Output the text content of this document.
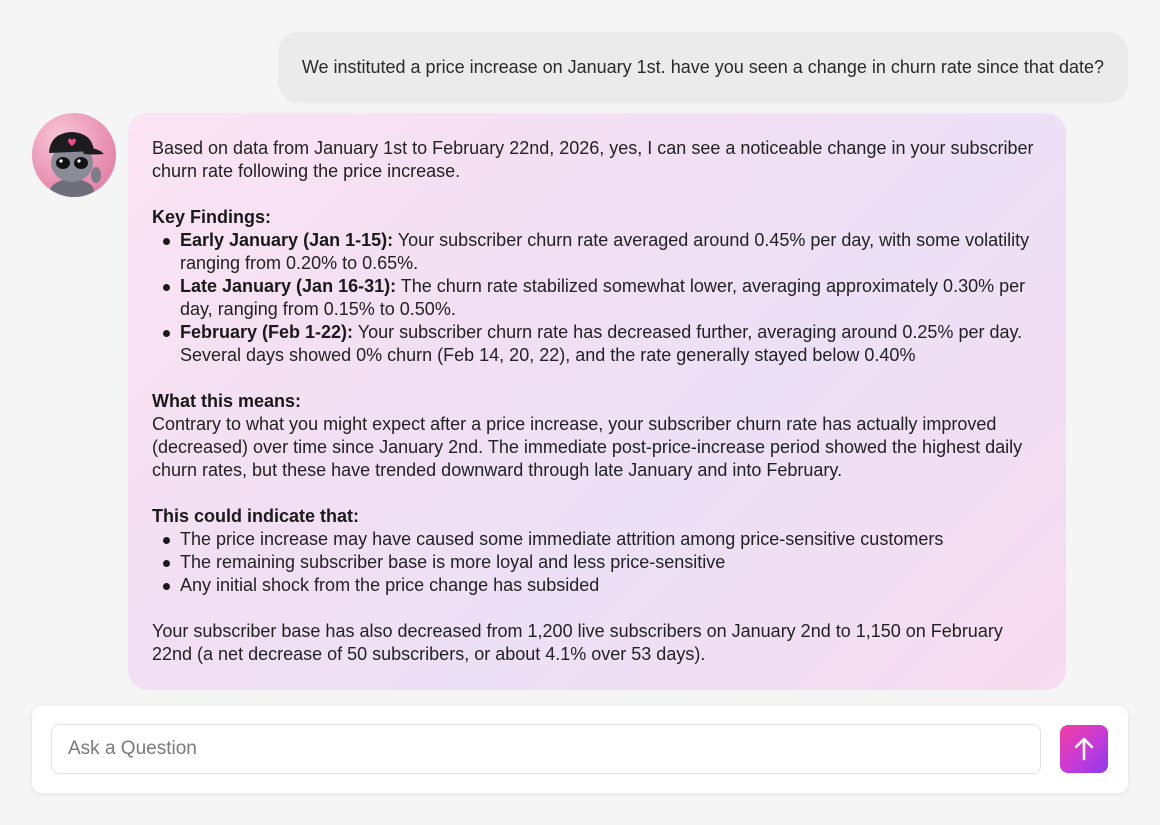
We instituted a price increase on January 1st. have you seen a change in churn rate since that date?

Based on data from January 1st to February 22nd, 2026, yes, I can see a noticeable change in your subscriber churn rate following the price increase.

Key Findings:

Early January (Jan 1-15): Your subscriber churn rate averaged around 0.45% per day, with some volatility ranging from 0.20% to 0.65%.
Late January (Jan 16-31): The churn rate stabilized somewhat lower, averaging approximately 0.30% per day, ranging from 0.15% to 0.50%.
February (Feb 1-22): Your subscriber churn rate has decreased further, averaging around 0.25% per day. Several days showed 0% churn (Feb 14, 20, 22), and the rate generally stayed below 0.40%

What this means:

Contrary to what you might expect after a price increase, your subscriber churn rate has actually improved (decreased) over time since January 2nd. The immediate post-price-increase period showed the highest daily churn rates, but these have trended downward through late January and into February.

This could indicate that:

The price increase may have caused some immediate attrition among price-sensitive customers
The remaining subscriber base is more loyal and less price-sensitive
Any initial shock from the price change has subsided

Your subscriber base has also decreased from 1,200 live subscribers on January 2nd to 1,150 on February 22nd (a net decrease of 50 subscribers, or about 4.1% over 53 days).

Ask a Question
